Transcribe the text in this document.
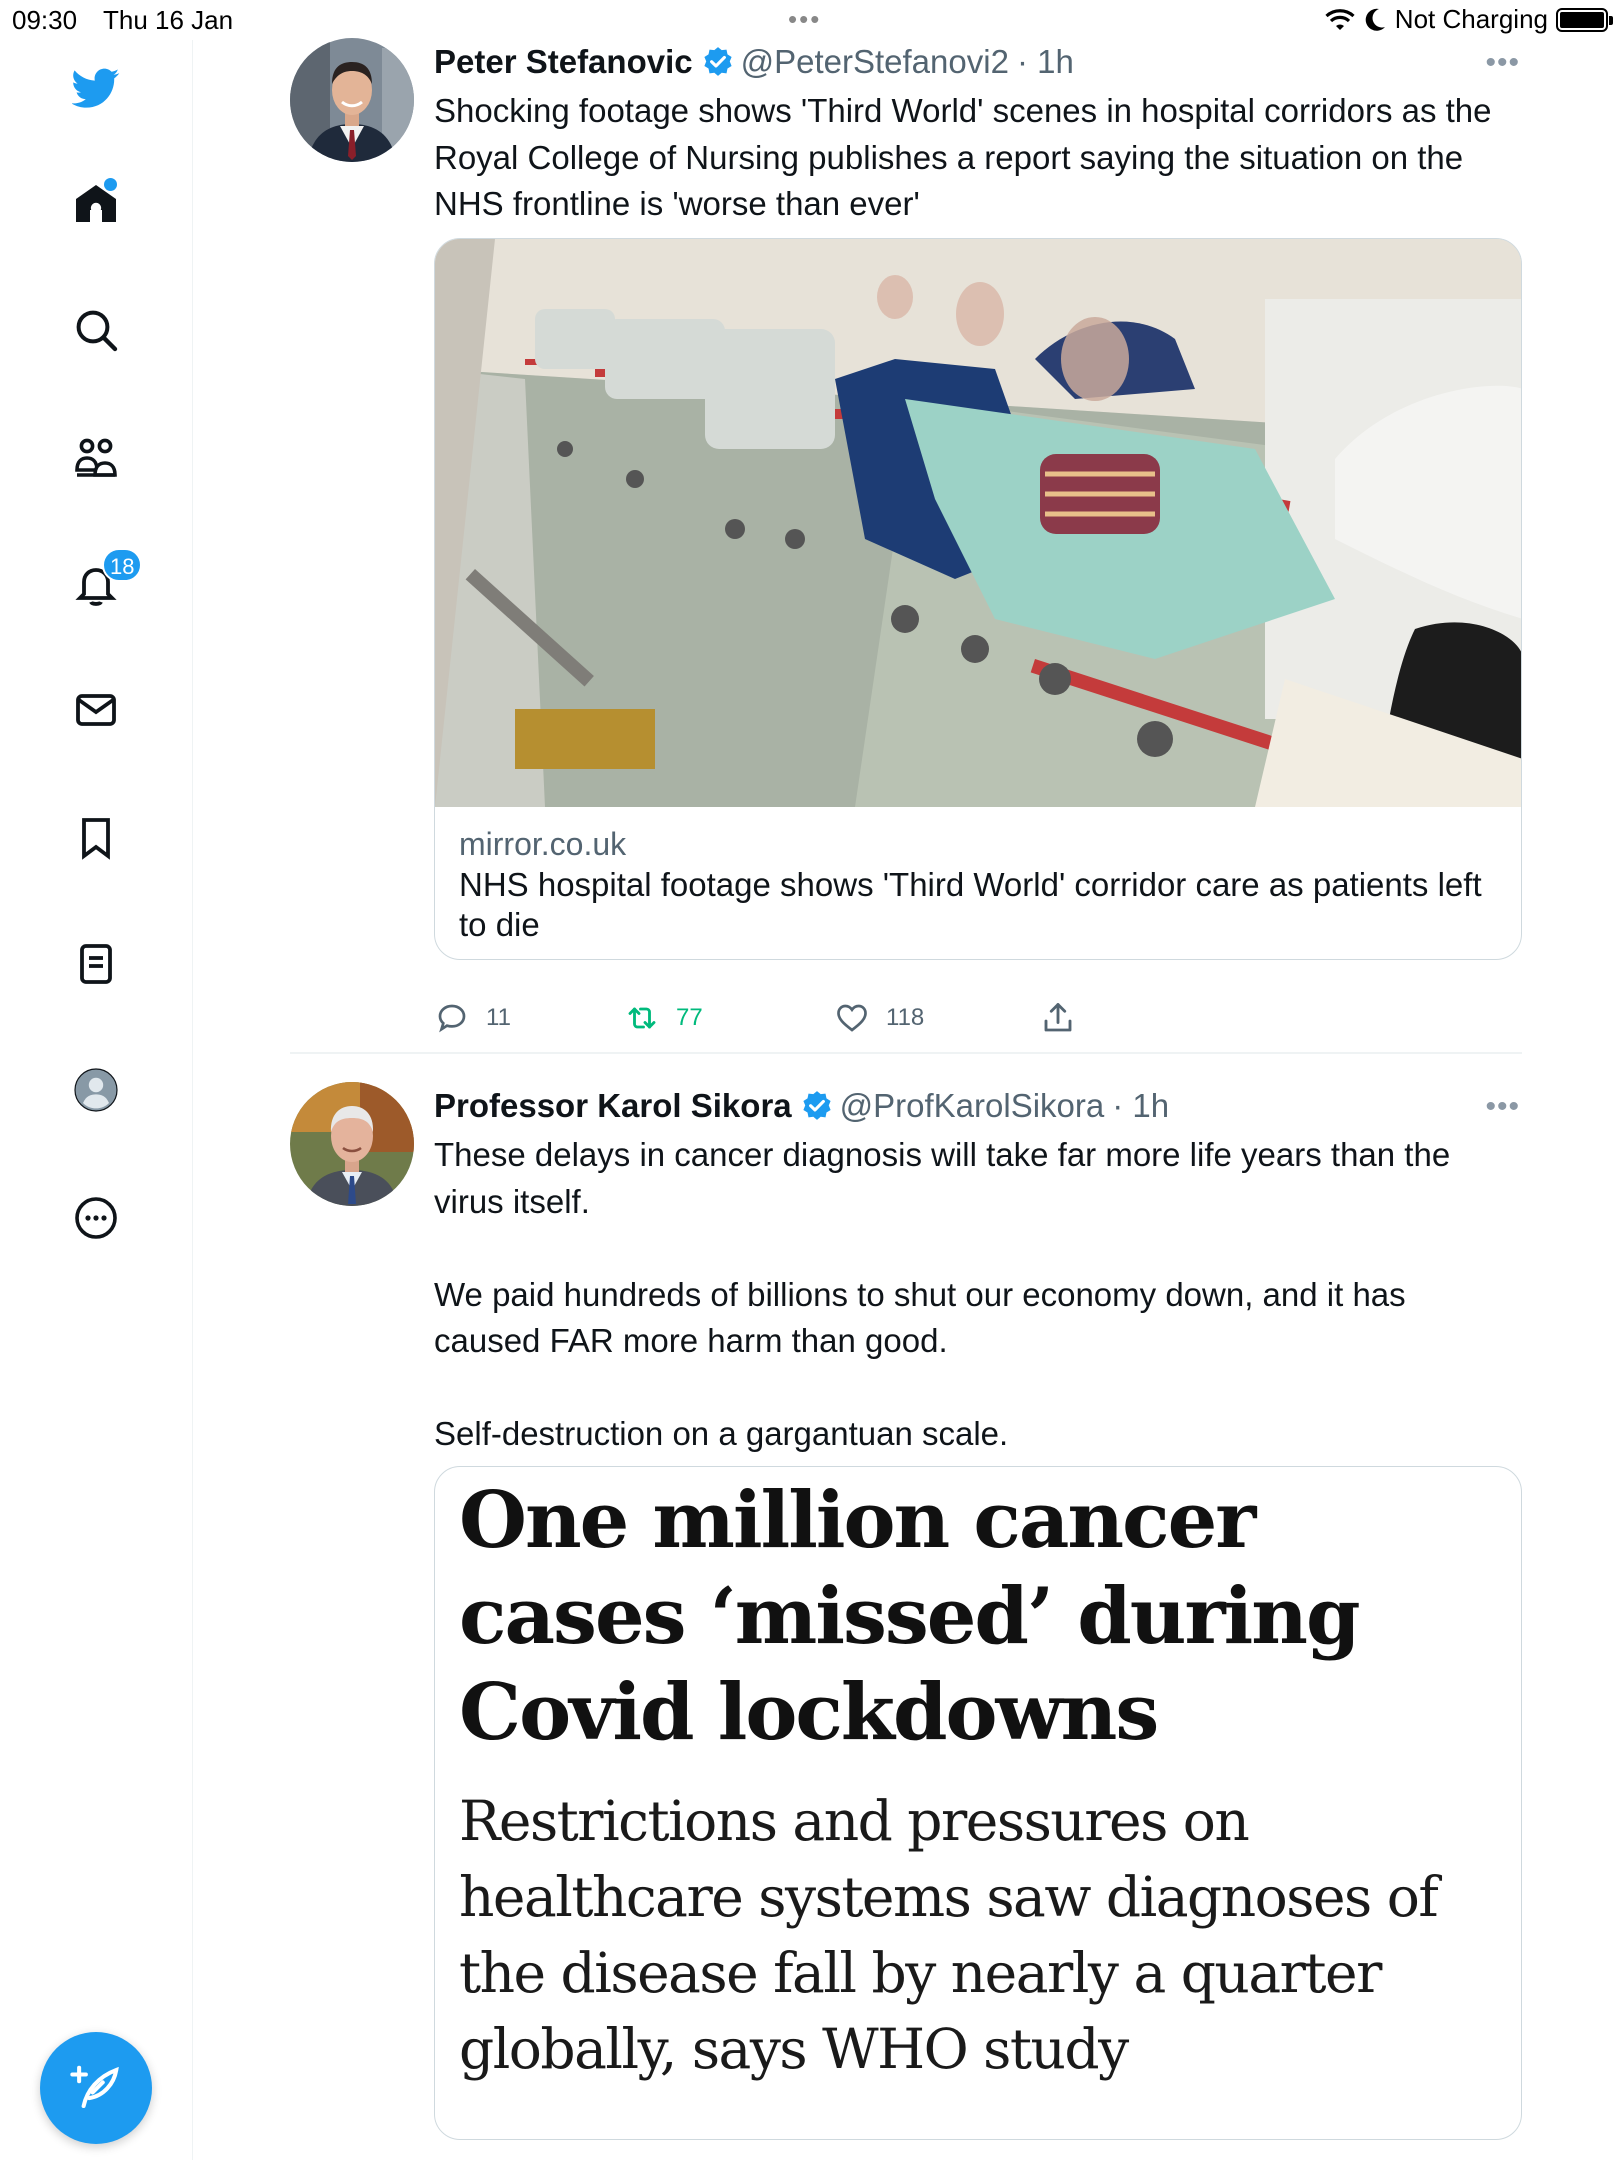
09:30 Thu 16 Jan	•••	Not Charging
18
Peter Stefanovic @PeterStefanovi2 · 1h	•••
Shocking footage shows 'Third World' scenes in hospital corridors as the Royal College of Nursing publishes a report saying the situation on the NHS frontline is 'worse than ever'
mirror.co.uk
NHS hospital footage shows 'Third World' corridor care as patients left to die
11	77	118
Professor Karol Sikora @ProfKarolSikora · 1h	•••
These delays in cancer diagnosis will take far more life years than the virus itself.

We paid hundreds of billions to shut our economy down, and it has caused FAR more harm than good.

Self-destruction on a gargantuan scale.
One million cancer cases ‘missed’ during Covid lockdowns
Restrictions and pressures on healthcare systems saw diagnoses of the disease fall by nearly a quarter globally, says WHO study
